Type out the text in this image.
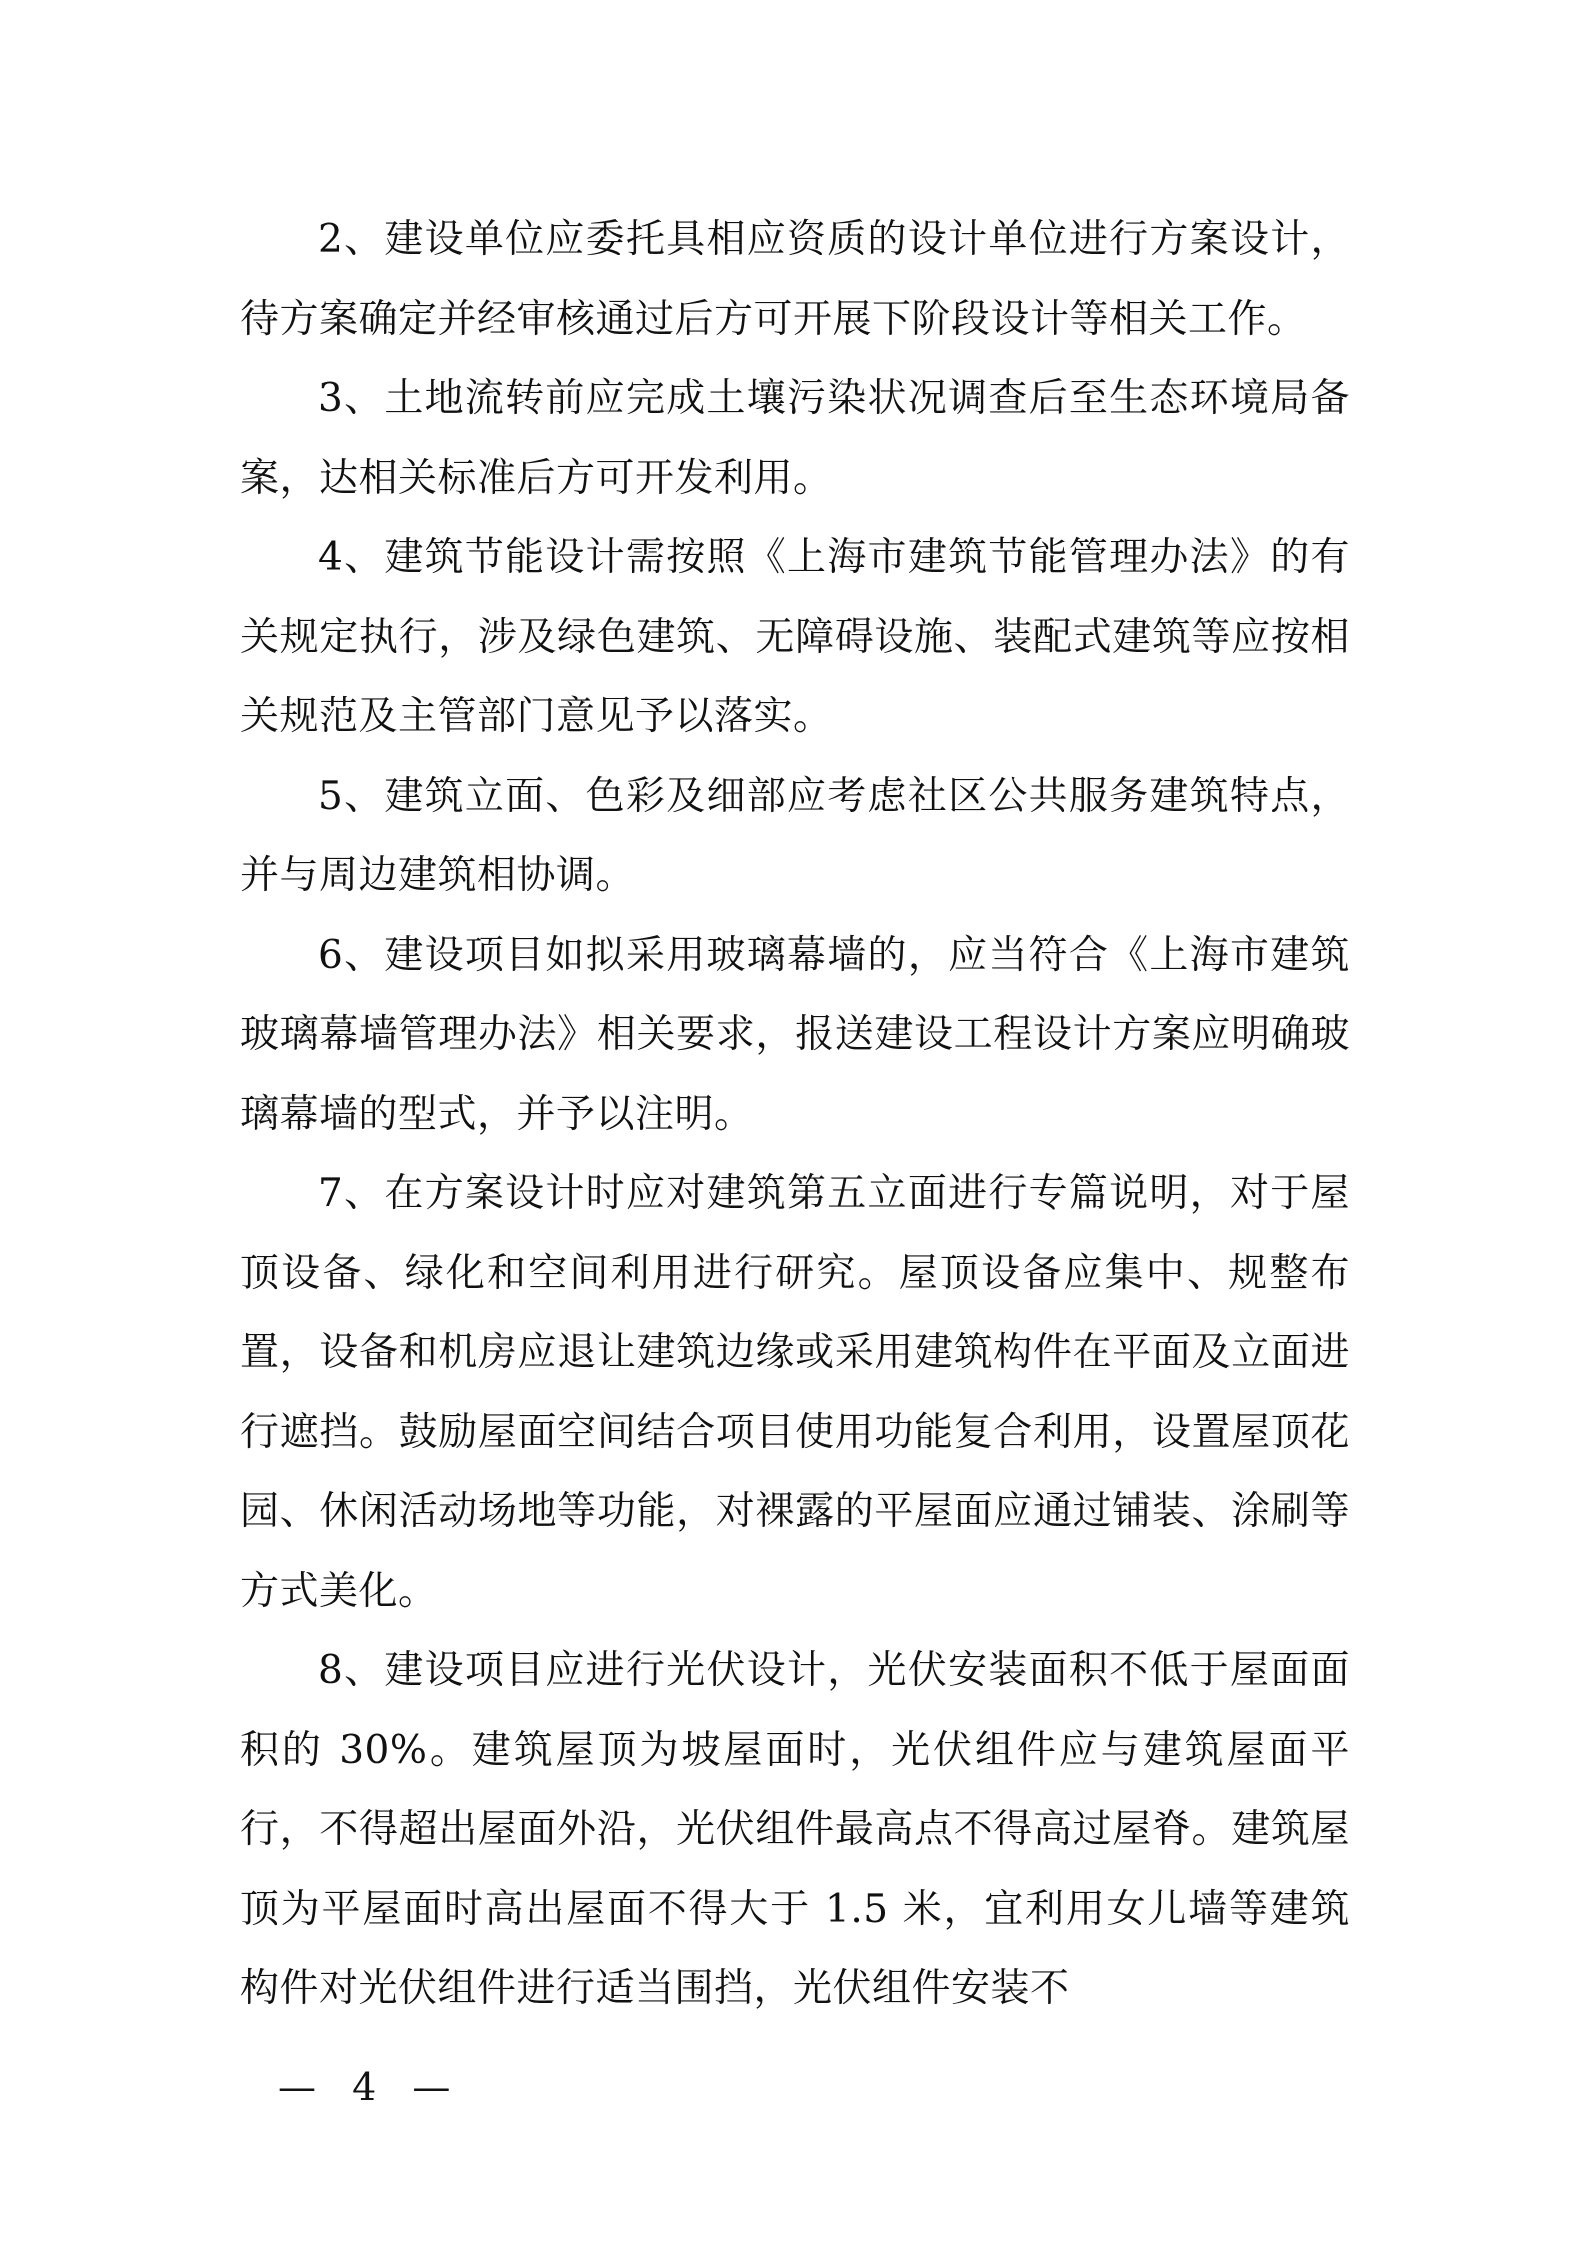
2、建设单位应委托具相应资质的设计单位进行方案设计，待方案确定并经审核通过后方可开展下阶段设计等相关工作。

3、土地流转前应完成土壤污染状况调查后至生态环境局备案，达相关标准后方可开发利用。

4、建筑节能设计需按照《上海市建筑节能管理办法》的有关规定执行，涉及绿色建筑、无障碍设施、装配式建筑等应按相关规范及主管部门意见予以落实。

5、建筑立面、色彩及细部应考虑社区公共服务建筑特点，并与周边建筑相协调。

6、建设项目如拟采用玻璃幕墙的，应当符合《上海市建筑玻璃幕墙管理办法》相关要求，报送建设工程设计方案应明确玻璃幕墙的型式，并予以注明。

7、在方案设计时应对建筑第五立面进行专篇说明，对于屋顶设备、绿化和空间利用进行研究。屋顶设备应集中、规整布置，设备和机房应退让建筑边缘或采用建筑构件在平面及立面进行遮挡。鼓励屋面空间结合项目使用功能复合利用，设置屋顶花园、休闲活动场地等功能，对裸露的平屋面应通过铺装、涂刷等方式美化。

8、建设项目应进行光伏设计，光伏安装面积不低于屋面面积的 30%。建筑屋顶为坡屋面时，光伏组件应与建筑屋面平行，不得超出屋面外沿，光伏组件最高点不得高过屋脊。建筑屋顶为平屋面时高出屋面不得大于 1.5 米，宜利用女儿墙等建筑构件对光伏组件进行适当围挡，光伏组件安装不

— 4 —
